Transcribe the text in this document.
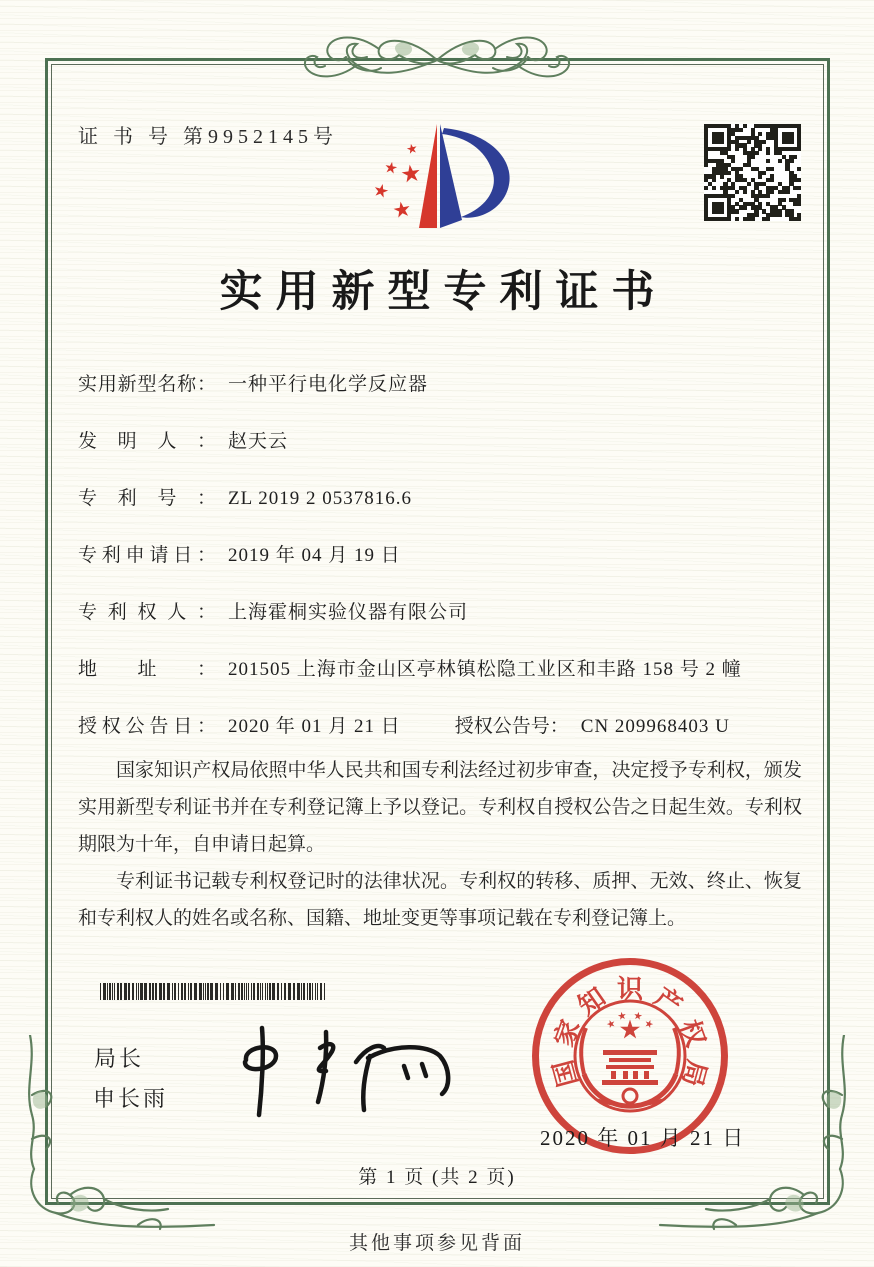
证 书 号 第9952145号
实用新型专利证书
实用新型名称： 一种平行电化学反应器
发明人： 赵天云
专利号： ZL 2019 2 0537816.6
专利申请日： 2019 年 04 月 19 日
专利权人： 上海霍桐实验仪器有限公司
地址： 201505 上海市金山区亭林镇松隐工业区和丰路 158 号 2 幢
授权公告日： 2020 年 01 月 21 日	授权公告号： CN 209968403 U

国家知识产权局依照中华人民共和国专利法经过初步审查，决定授予专利权，颁发实用新型专利证书并在专利登记簿上予以登记。专利权自授权公告之日起生效。专利权期限为十年，自申请日起算。

专利证书记载专利权登记时的法律状况。专利权的转移、质押、无效、终止、恢复和专利权人的姓名或名称、国籍、地址变更等事项记载在专利登记簿上。

局长
申长雨
国
家
知 识 产
权
局
2020 年 01 月 21 日
第 1 页 (共 2 页)
其他事项参见背面
